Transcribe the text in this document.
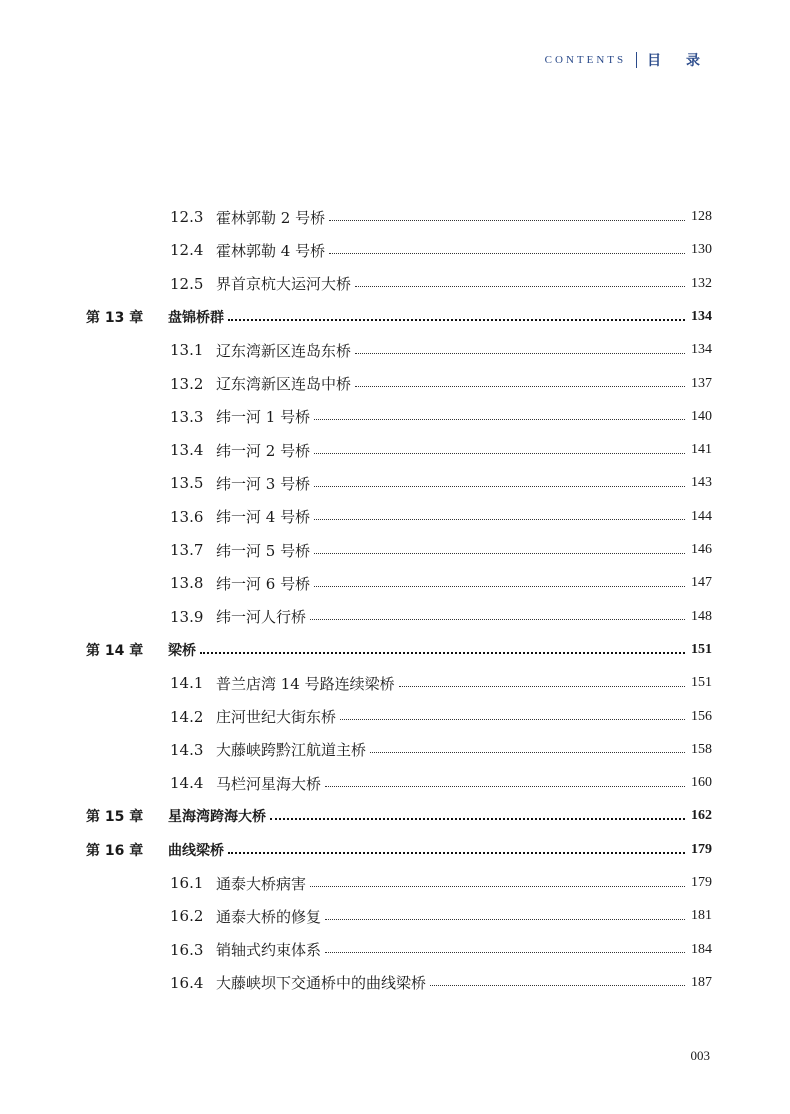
CONTENTS 目 录
12.3 霍林郭勒 2 号桥	128
12.4 霍林郭勒 4 号桥	130
12.5 界首京杭大运河大桥	132
第 13 章	盘锦桥群	134
13.1 辽东湾新区连岛东桥	134
13.2 辽东湾新区连岛中桥	137
13.3 纬一河 1 号桥	140
13.4 纬一河 2 号桥	141
13.5 纬一河 3 号桥	143
13.6 纬一河 4 号桥	144
13.7 纬一河 5 号桥	146
13.8 纬一河 6 号桥	147
13.9 纬一河人行桥	148
第 14 章	梁桥	151
14.1 普兰店湾 14 号路连续梁桥	151
14.2 庄河世纪大街东桥	156
14.3 大藤峡跨黔江航道主桥	158
14.4 马栏河星海大桥	160
第 15 章	星海湾跨海大桥	162
第 16 章	曲线梁桥	179
16.1 通泰大桥病害	179
16.2 通泰大桥的修复	181
16.3 销轴式约束体系	184
16.4 大藤峡坝下交通桥中的曲线梁桥	187
003
